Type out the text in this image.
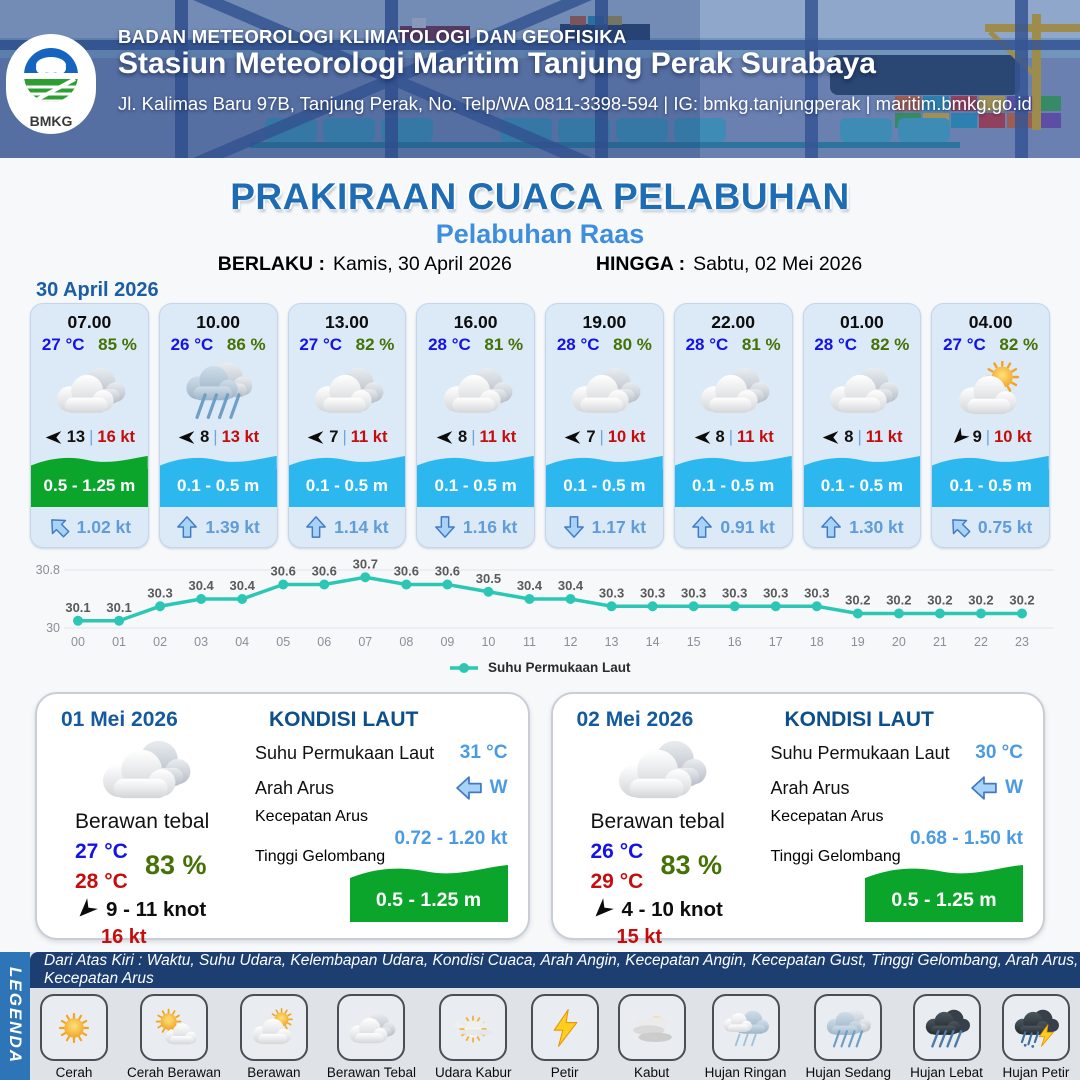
BMKG
BADAN METEOROLOGI KLIMATOLOGI DAN GEOFISIKA
Stasiun Meteorologi Maritim Tanjung Perak Surabaya
Jl. Kalimas Baru 97B, Tanjung Perak, No. Telp/WA 0811-3398-594 | IG: bmkg.tanjungperak | maritim.bmkg.go.id
PRAKIRAAN CUACA PELABUHAN
Pelabuhan Raas
BERLAKU : Kamis, 30 April 2026	HINGGA : Sabtu, 02 Mei 2026
30 April 2026
07.00
27 °C 85 %
13 | 16 kt
0.5 - 1.25 m
1.02 kt
10.00
26 °C 86 %
8 | 13 kt
0.1 - 0.5 m
1.39 kt
13.00
27 °C 82 %
7 | 11 kt
0.1 - 0.5 m
1.14 kt
16.00
28 °C 81 %
8 | 11 kt
0.1 - 0.5 m
1.16 kt
19.00
28 °C 80 %
7 | 10 kt
0.1 - 0.5 m
1.17 kt
22.00
28 °C 81 %
8 | 11 kt
0.1 - 0.5 m
0.91 kt
01.00
28 °C 82 %
8 | 11 kt
0.1 - 0.5 m
1.30 kt
04.00
27 °C 82 %
9 | 10 kt
0.1 - 0.5 m
0.75 kt
30.8
30
30.1
00
30.1
01
30.3
02
30.4
03
30.4
04
30.6
05
30.6
06
30.7
07
30.6
08
30.6
09
30.5
10
30.4
11
30.4
12
30.3
13
30.3
14
30.3
15
30.3
16
30.3
17
30.3
18
30.2
19
30.2
20
30.2
21
30.2
22
30.2
23
Suhu Permukaan Laut
01 Mei 2026
Berawan tebal
27 °C
28 °C
83 %
9 - 11 knot
16 kt
KONDISI LAUT
Suhu Permukaan Laut 31 °C
Arah Arus	W
Kecepatan Arus
0.72 - 1.20 kt
Tinggi Gelombang
0.5 - 1.25 m
02 Mei 2026
Berawan tebal
26 °C
29 °C
83 %
4 - 10 knot
15 kt
KONDISI LAUT
Suhu Permukaan Laut 30 °C
Arah Arus	W
Kecepatan Arus
0.68 - 1.50 kt
Tinggi Gelombang
0.5 - 1.25 m
LEGENDA
Dari Atas Kiri : Waktu, Suhu Udara, Kelembapan Udara, Kondisi Cuaca, Arah Angin, Kecepatan Angin, Kecepatan Gust, Tinggi Gelombang, Arah Arus, Kecepatan Arus
Cerah	Cerah Berawan Berawan Berawan Tebal Udara Kabur	Petir	Kabut	Hujan Ringan Hujan Sedang Hujan Lebat Hujan Petir
